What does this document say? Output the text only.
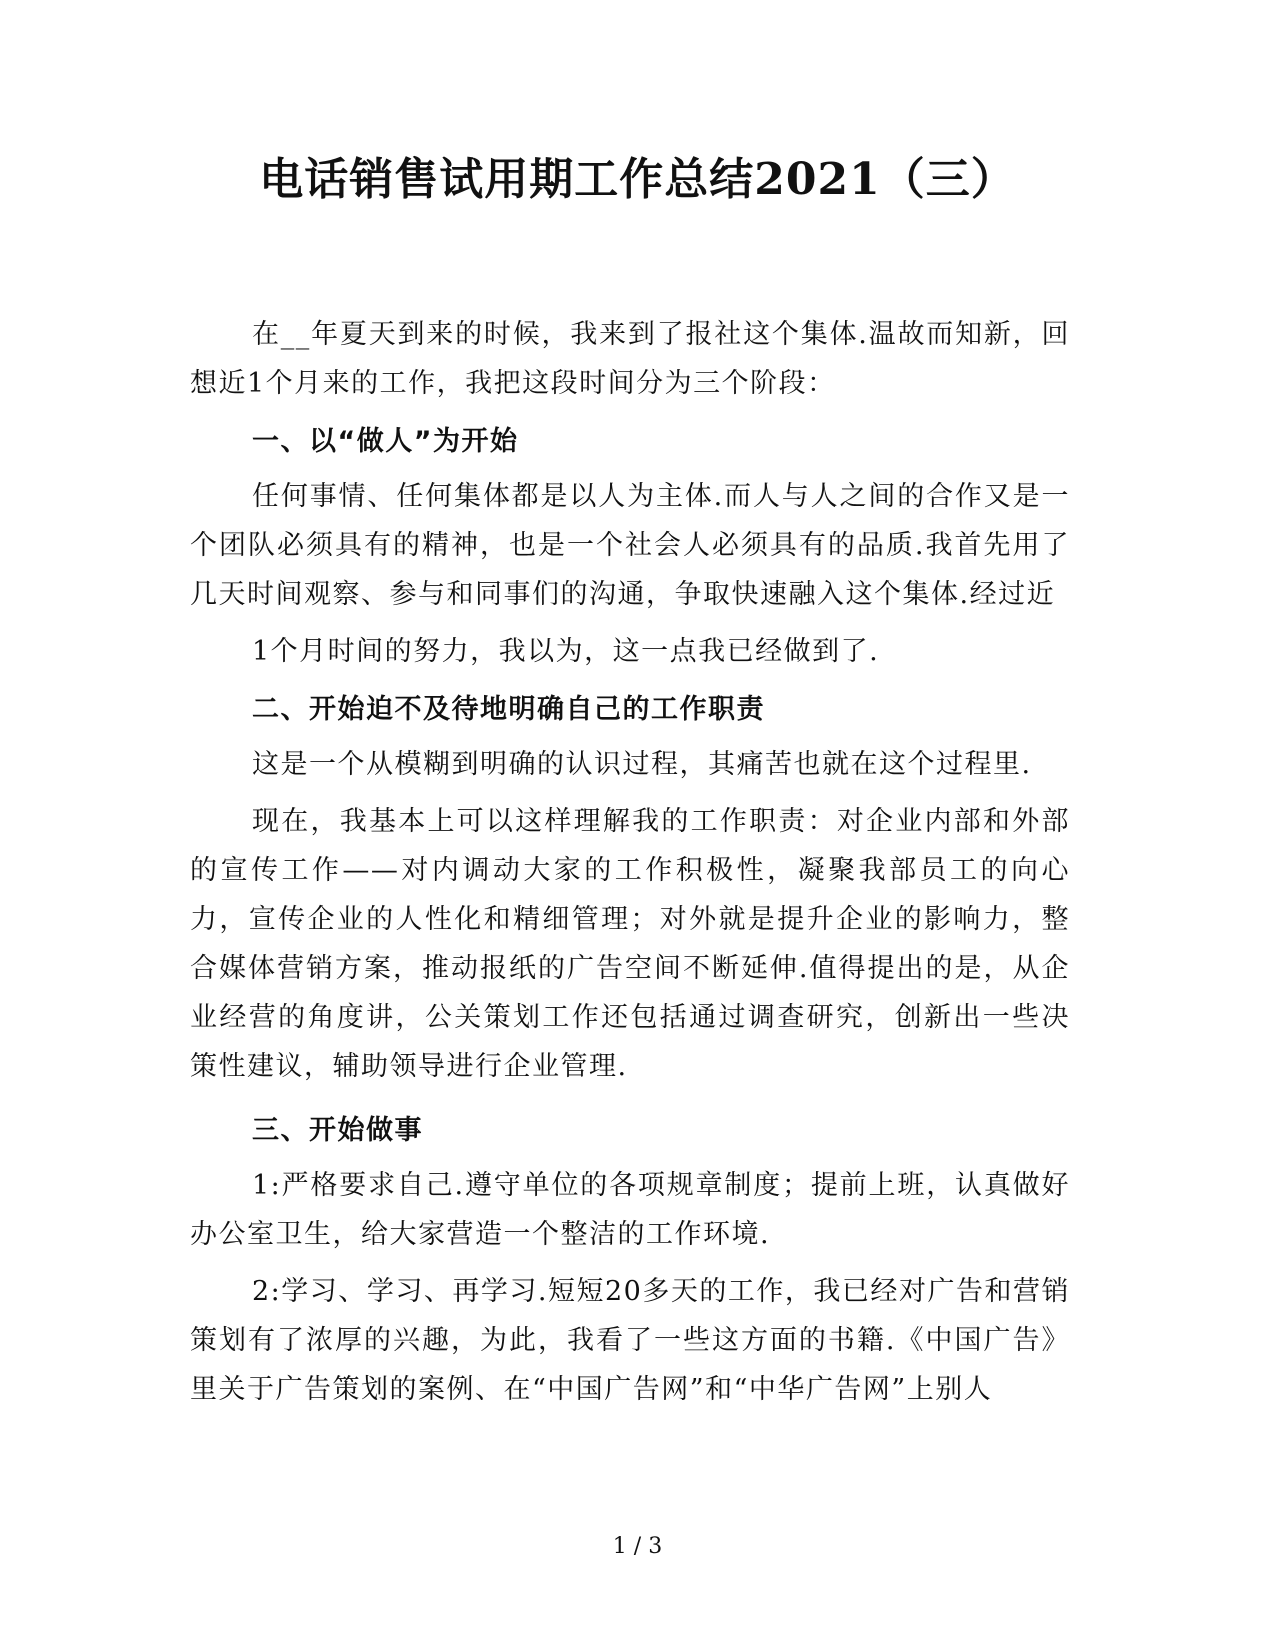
电话销售试用期工作总结2021（三）

在__年夏天到来的时候，我来到了报社这个集体.温故而知新，回想近1个月来的工作，我把这段时间分为三个阶段：

一、以“做人”为开始

任何事情、任何集体都是以人为主体.而人与人之间的合作又是一个团队必须具有的精神，也是一个社会人必须具有的品质.我首先用了几天时间观察、参与和同事们的沟通，争取快速融入这个集体.经过近

1个月时间的努力，我以为，这一点我已经做到了.

二、开始迫不及待地明确自己的工作职责

这是一个从模糊到明确的认识过程，其痛苦也就在这个过程里.

现在，我基本上可以这样理解我的工作职责：对企业内部和外部的宣传工作——对内调动大家的工作积极性，凝聚我部员工的向心力，宣传企业的人性化和精细管理；对外就是提升企业的影响力，整合媒体营销方案，推动报纸的广告空间不断延伸.值得提出的是，从企业经营的角度讲，公关策划工作还包括通过调查研究，创新出一些决策性建议，辅助领导进行企业管理.

三、开始做事

1:严格要求自己.遵守单位的各项规章制度；提前上班，认真做好办公室卫生，给大家营造一个整洁的工作环境.

2:学习、学习、再学习.短短20多天的工作，我已经对广告和营销策划有了浓厚的兴趣，为此，我看了一些这方面的书籍.《中国广告》里关于广告策划的案例、在“中国广告网”和“中华广告网”上别人

1 / 3
